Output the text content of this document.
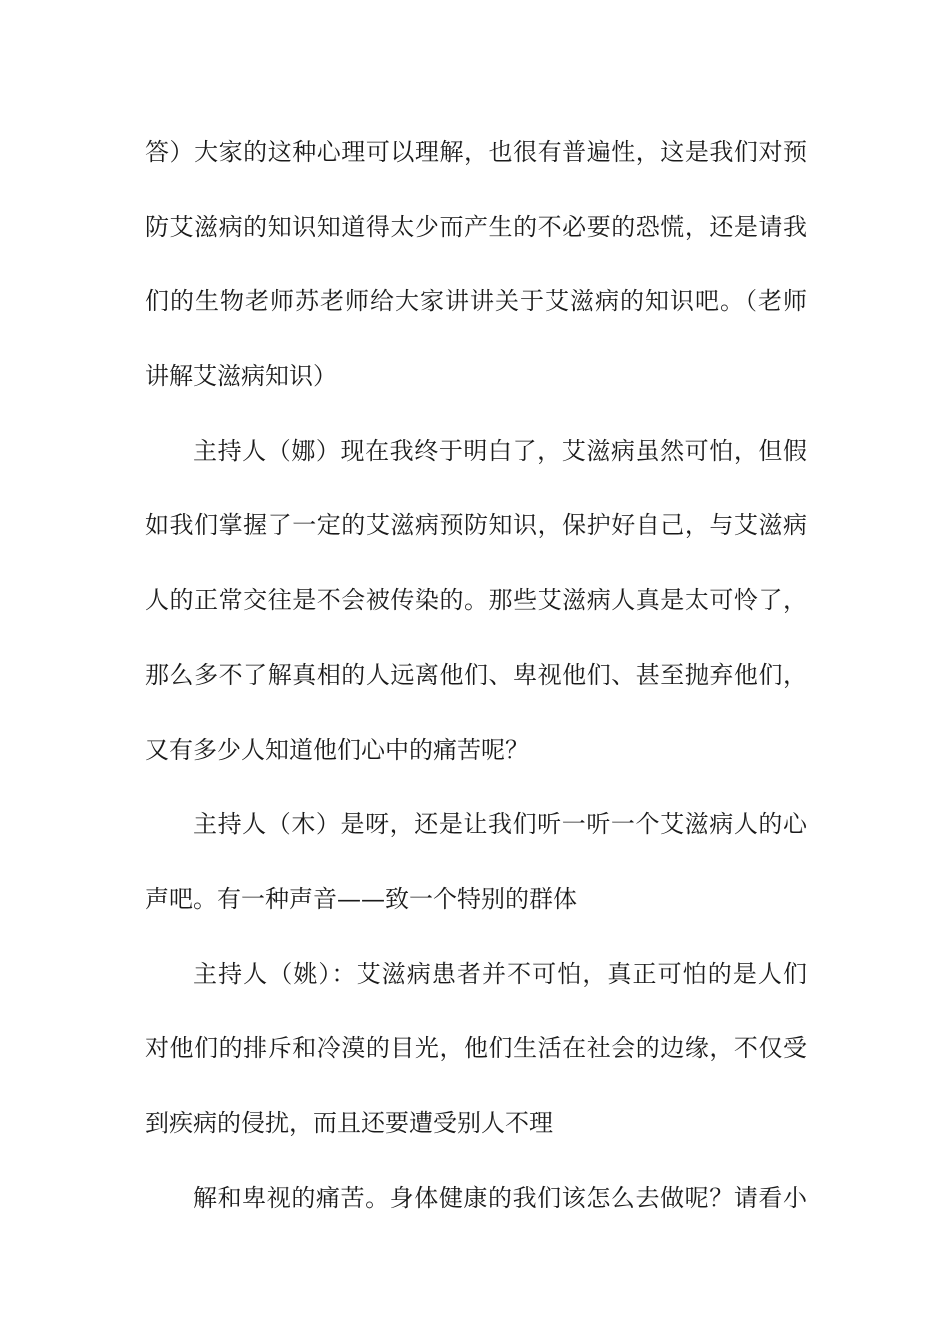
答）大家的这种心理可以理解，也很有普遍性，这是我们对预
防艾滋病的知识知道得太少而产生的不必要的恐慌，还是请我
们的生物老师苏老师给大家讲讲关于艾滋病的知识吧。（老师
讲解艾滋病知识）
主持人（娜）现在我终于明白了，艾滋病虽然可怕，但假
如我们掌握了一定的艾滋病预防知识，保护好自己，与艾滋病
人的正常交往是不会被传染的。那些艾滋病人真是太可怜了，
那么多不了解真相的人远离他们、卑视他们、甚至抛弃他们，
又有多少人知道他们心中的痛苦呢？
主持人（木）是呀，还是让我们听一听一个艾滋病人的心
声吧。有一种声音——致一个特别的群体
主持人（姚）：艾滋病患者并不可怕，真正可怕的是人们
对他们的排斥和冷漠的目光，他们生活在社会的边缘，不仅受
到疾病的侵扰，而且还要遭受别人不理
解和卑视的痛苦。身体健康的我们该怎么去做呢？请看小
